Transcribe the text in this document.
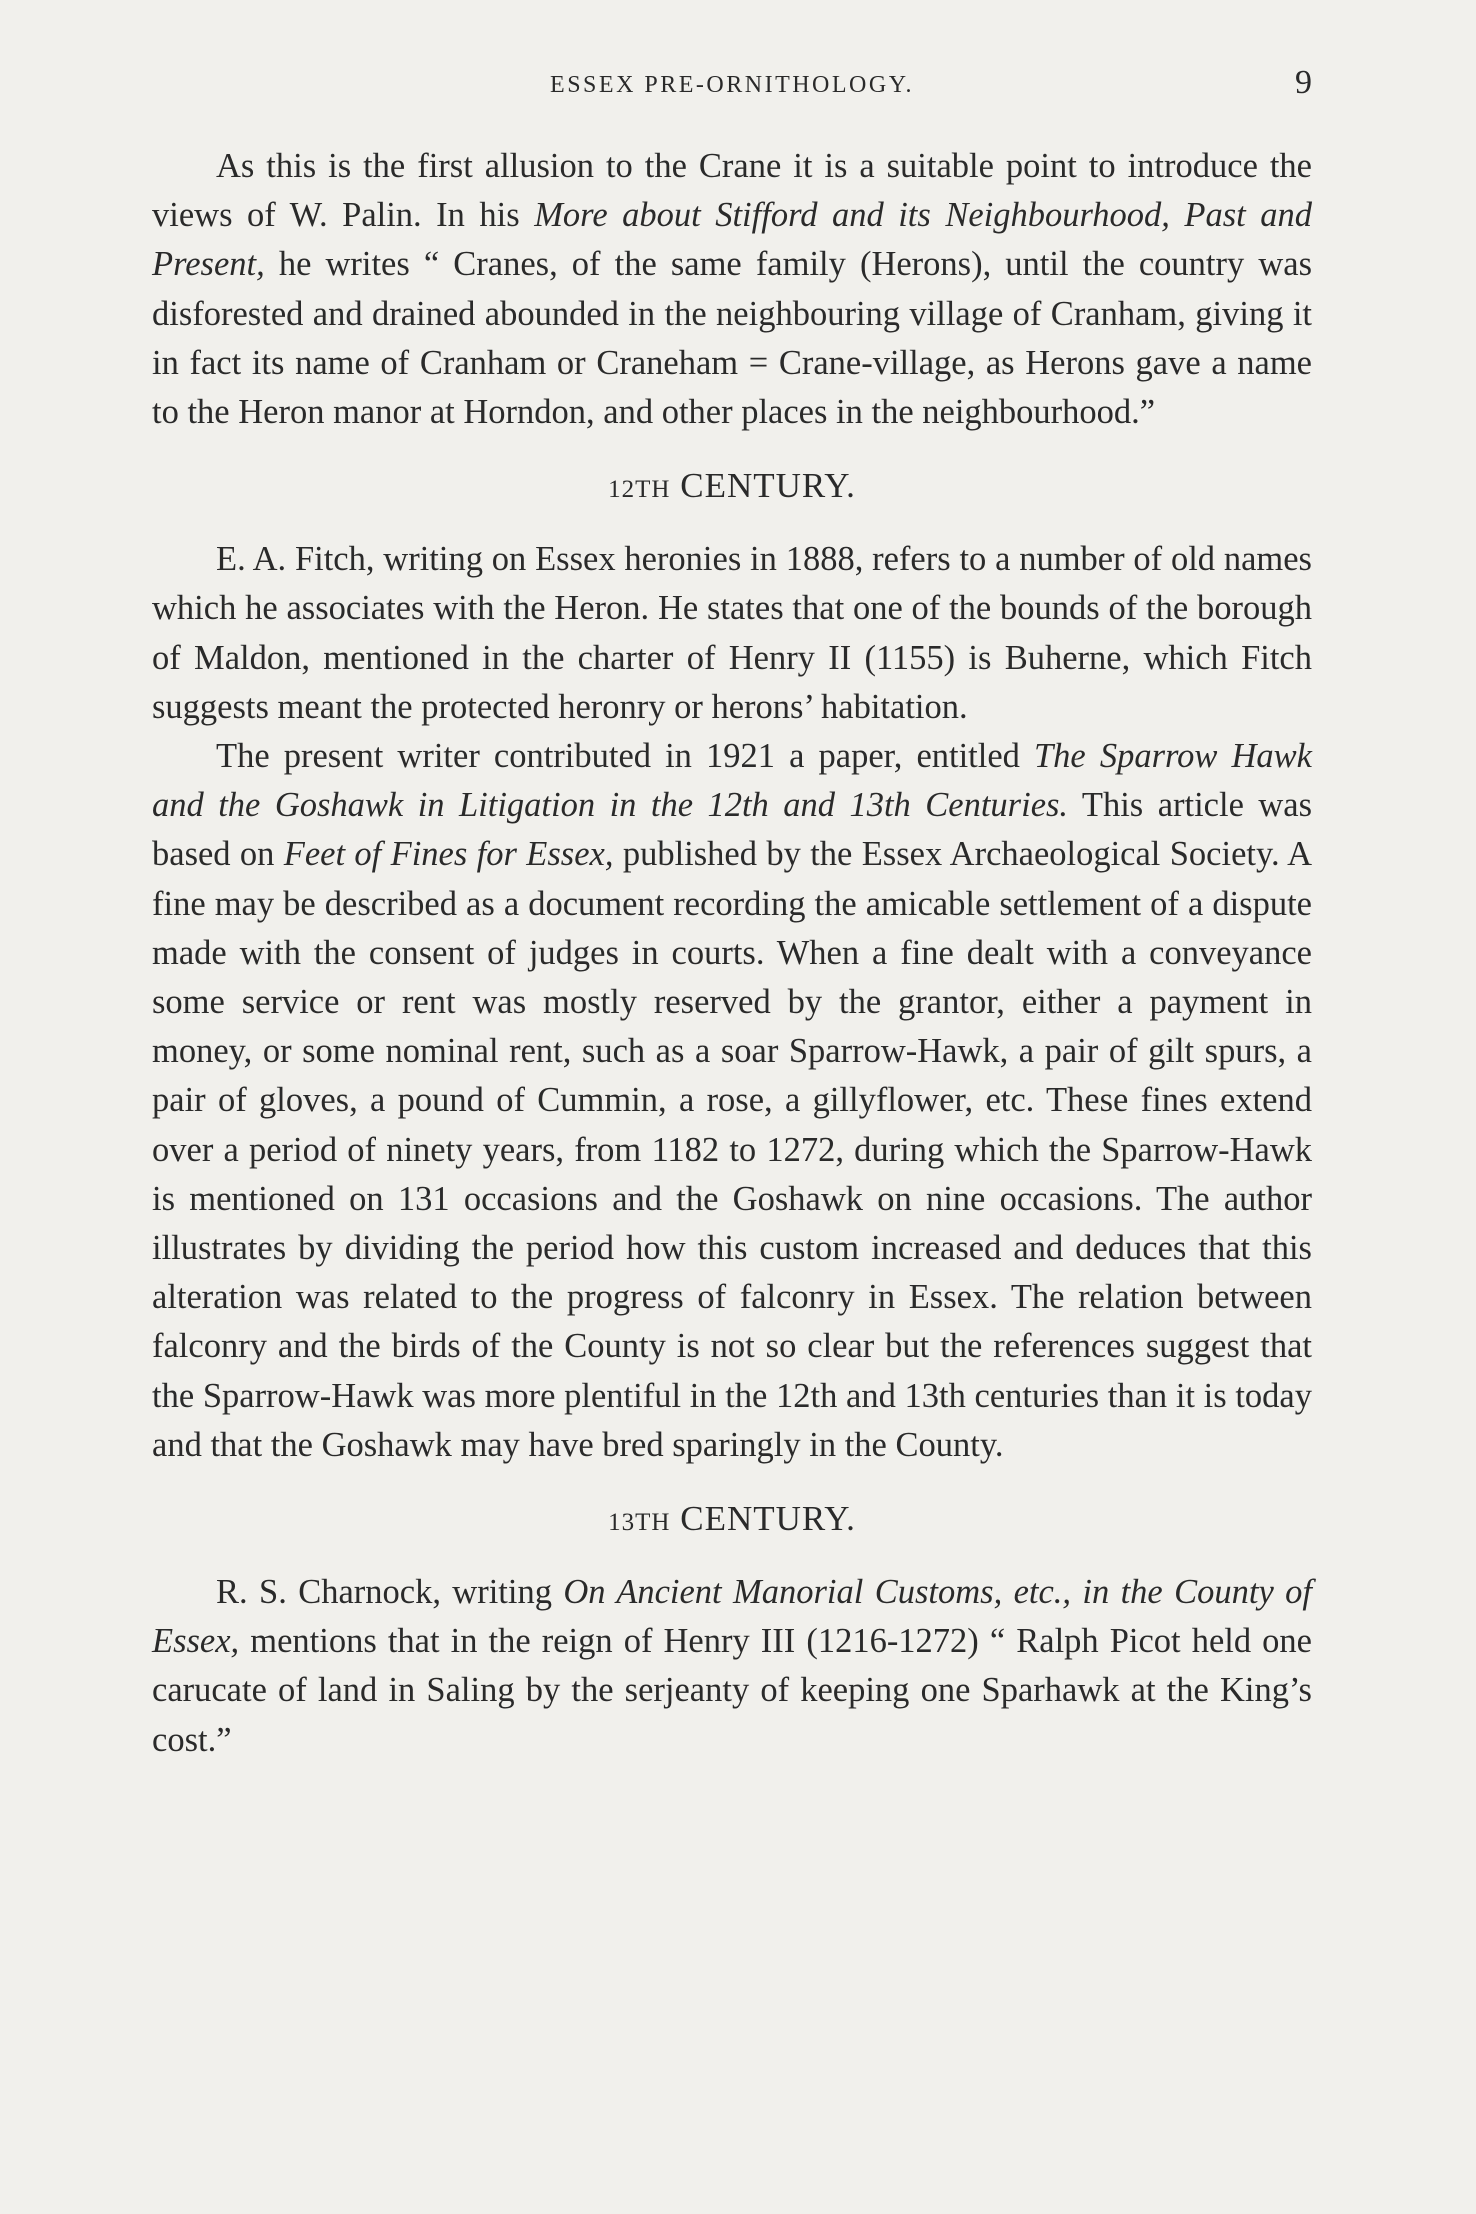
ESSEX PRE-ORNITHOLOGY.	9

As this is the first allusion to the Crane it is a suitable point to introduce the views of W. Palin. In his More about Stifford and its Neighbourhood, Past and Present, he writes “ Cranes, of the same family (Herons), until the country was disforested and drained abounded in the neighbouring village of Cranham, giving it in fact its name of Cranham or Craneham = Crane-village, as Herons gave a name to the Heron manor at Horndon, and other places in the neighbourhood.”

12TH CENTURY.

E. A. Fitch, writing on Essex heronies in 1888, refers to a number of old names which he associates with the Heron. He states that one of the bounds of the borough of Maldon, mentioned in the charter of Henry II (1155) is Buherne, which Fitch suggests meant the protected heronry or herons’ habitation.

The present writer contributed in 1921 a paper, entitled The Sparrow Hawk and the Goshawk in Litigation in the 12th and 13th Centuries. This article was based on Feet of Fines for Essex, published by the Essex Archaeological Society. A fine may be described as a document recording the amicable settlement of a dispute made with the consent of judges in courts. When a fine dealt with a conveyance some service or rent was mostly reserved by the grantor, either a payment in money, or some nominal rent, such as a soar Sparrow-Hawk, a pair of gilt spurs, a pair of gloves, a pound of Cummin, a rose, a gillyflower, etc. These fines extend over a period of ninety years, from 1182 to 1272, during which the Sparrow-Hawk is mentioned on 131 occasions and the Goshawk on nine occasions. The author illustrates by dividing the period how this custom increased and deduces that this alteration was related to the progress of falconry in Essex. The relation between falconry and the birds of the County is not so clear but the references suggest that the Sparrow-Hawk was more plentiful in the 12th and 13th centuries than it is today and that the Goshawk may have bred sparingly in the County.

13TH CENTURY.

R. S. Charnock, writing On Ancient Manorial Customs, etc., in the County of Essex, mentions that in the reign of Henry III (1216-1272) “ Ralph Picot held one carucate of land in Saling by the serjeanty of keeping one Sparhawk at the King’s cost.”
